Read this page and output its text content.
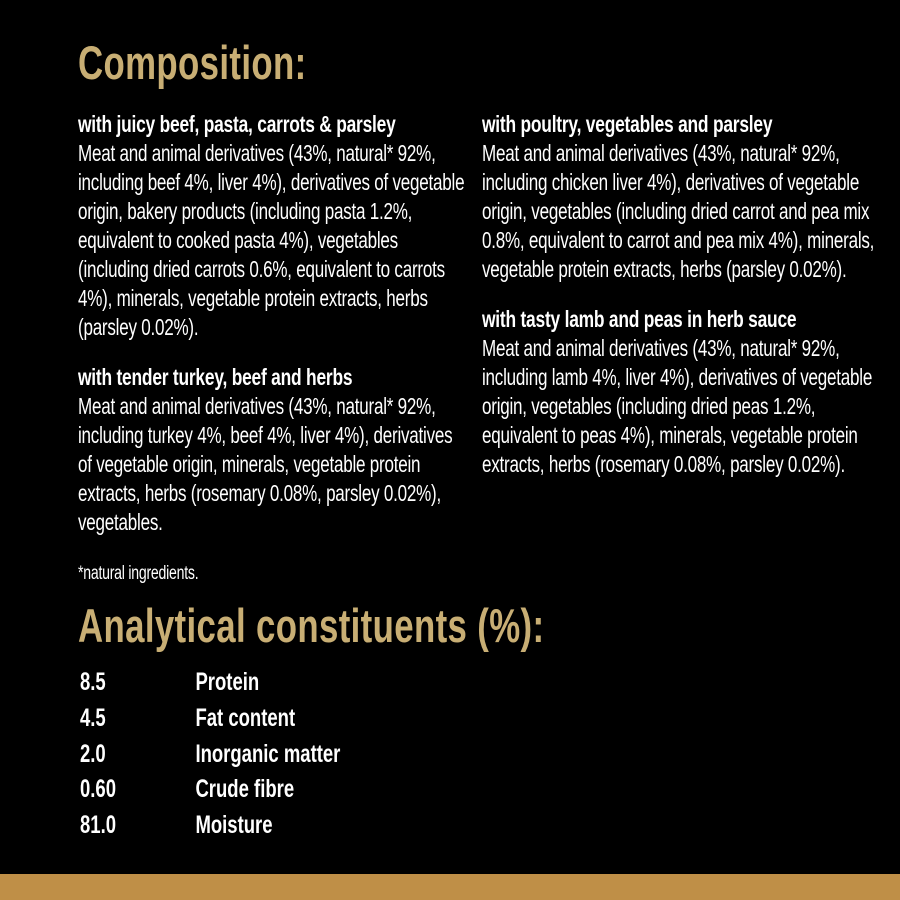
Composition:

with juicy beef, pasta, carrots & parsley

Meat and animal derivatives (43%, natural* 92%, including beef 4%, liver 4%), derivatives of vegetable origin, bakery products (including pasta 1.2%, equivalent to cooked pasta 4%), vegetables (including dried carrots 0.6%, equivalent to carrots 4%), minerals, vegetable protein extracts, herbs (parsley 0.02%).

with tender turkey, beef and herbs

Meat and animal derivatives (43%, natural* 92%, including turkey 4%, beef 4%, liver 4%), derivatives of vegetable origin, minerals, vegetable protein extracts, herbs (rosemary 0.08%, parsley 0.02%), vegetables.

*natural ingredients.

with poultry, vegetables and parsley

Meat and animal derivatives (43%, natural* 92%, including chicken liver 4%), derivatives of vegetable origin, vegetables (including dried carrot and pea mix 0.8%, equivalent to carrot and pea mix 4%), minerals, vegetable protein extracts, herbs (parsley 0.02%).

with tasty lamb and peas in herb sauce

Meat and animal derivatives (43%, natural* 92%, including lamb 4%, liver 4%), derivatives of vegetable origin, vegetables (including dried peas 1.2%, equivalent to peas 4%), minerals, vegetable protein extracts, herbs (rosemary 0.08%, parsley 0.02%).

Analytical constituents (%):
8.5	Protein
4.5	Fat content
2.0	Inorganic matter
0.60	Crude fibre
81.0	Moisture
